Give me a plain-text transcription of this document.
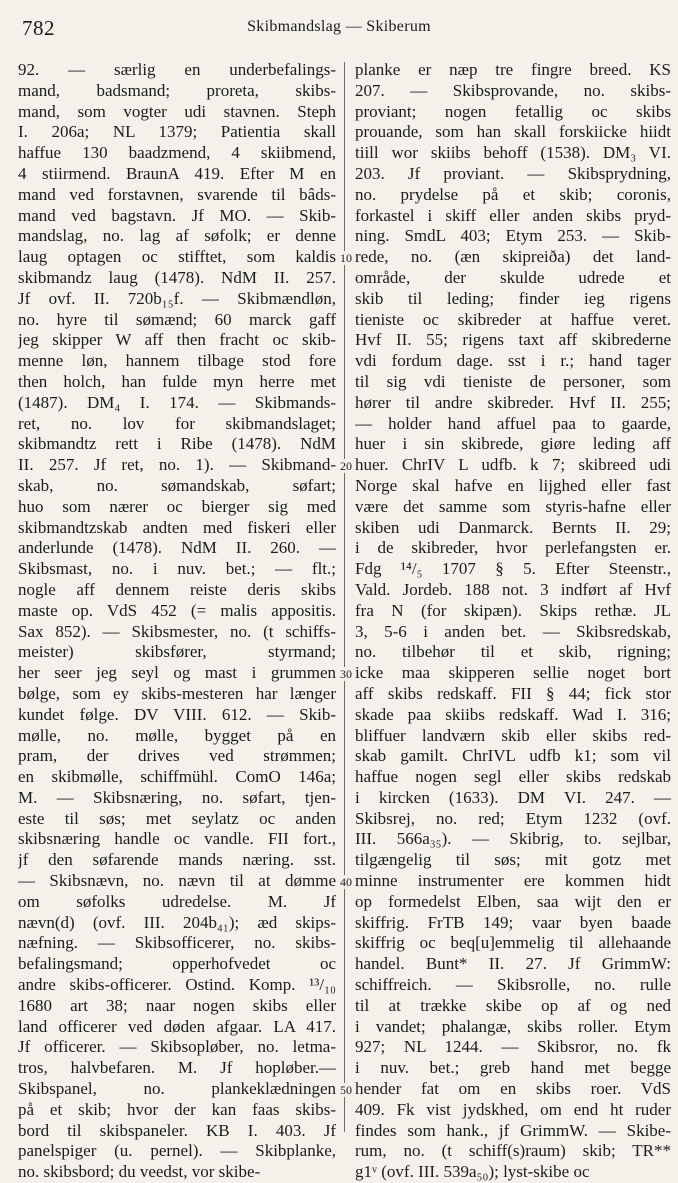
782	Skibmandslag — Skiberum
92. — særlig en underbefalings-
mand, badsmand; proreta, skibs-
mand, som vogter udi stavnen. Steph
I. 206a; NL 1379; Patientia skall
haffue 130 baadzmend, 4 skiibmend,
4 stiirmend. BraunA 419. Efter M en
mand ved forstavnen, svarende til bâds-
mand ved bagstavn. Jf MO. — Skib-
mandslag, no. lag af søfolk; er denne
laug optagen oc stifftet, som kaldis
skibmandz laug (1478). NdM II. 257.
Jf ovf. II. 720b₁₅f. — Skibmændløn,
no. hyre til sømænd; 60 marck gaff
jeg skipper W aff then fracht oc skib-
menne løn, hannem tilbage stod fore
then holch, han fulde myn herre met
(1487). DM₄ I. 174. — Skibmands-
ret, no. lov for skibmandslaget;
skibmandtz rett i Ribe (1478). NdM
II. 257. Jf ret, no. 1). — Skibmand-
skab, no. sømandskab, søfart;
huo som nærer oc bierger sig med
skibmandtzskab andten med fiskeri eller
anderlunde (1478). NdM II. 260. —
Skibsmast, no. i nuv. bet.; — flt.;
nogle aff dennem reiste deris skibs
maste op. VdS 452 (= malis appositis.
Sax 852). — Skibsmester, no. (t schiffs-
meister) skibsfører, styrmand;
her seer jeg seyl og mast i grummen
bølge, som ey skibs-mesteren har længer
kundet følge. DV VIII. 612. — Skib-
mølle, no. mølle, bygget på en
pram, der drives ved strømmen;
en skibmølle, schiffmühl. ComO 146a;
M. — Skibsnæring, no. søfart, tjen-
este til søs; met seylatz oc anden
skibsnæring handle oc vandle. FII fort.,
jf den søfarende mands næring. sst.
— Skibsnævn, no. nævn til at dømme
om søfolks udredelse. M. Jf
nævn(d) (ovf. III. 204b₄₁); æd skips-
næfning. — Skibsofficerer, no. skibs-
befalingsmand; opperhofvedet oc
andre skibs-officerer. Ostind. Komp. ¹³/₁₀
1680 art 38; naar nogen skibs eller
land officerer ved døden afgaar. LA 417.
Jf officerer. — Skibsopløber, no. letma-
tros, halvbefaren. M. Jf hopløber.—
Skibspanel, no. plankeklædningen
på et skib; hvor der kan faas skibs-
bord til skibspaneler. KB I. 403. Jf
panelspiger (u. pernel). — Skibplanke,
no. skibsbord; du veedst, vor skibe-
planke er næp tre fingre breed. KS
207. — Skibsprovande, no. skibs-
proviant; nogen fetallig oc skibs
prouande, som han skall forskiicke hiidt
tiill wor skiibs behoff (1538). DM₃ VI.
203. Jf proviant. — Skibsprydning,
no. prydelse på et skib; coronis,
forkastel i skiff eller anden skibs pryd-
ning. SmdL 403; Etym 253. — Skib-
rede, no. (æn skipreiða) det land-
område, der skulde udrede et
skib til leding; finder ieg rigens
tieniste oc skibreder at haffue veret.
Hvf II. 55; rigens taxt aff skibrederne
vdi fordum dage. sst i r.; hand tager
til sig vdi tieniste de personer, som
hører til andre skibreder. Hvf II. 255;
— holder hand affuel paa to gaarde,
huer i sin skibrede, giøre leding aff
huer. ChrIV L udfb. k 7; skibreed udi
Norge skal hafve en lijghed eller fast
være det samme som styris-hafne eller
skiben udi Danmarck. Bernts II. 29;
i de skibreder, hvor perlefangsten er.
Fdg ¹⁴/₅ 1707 § 5. Efter Steenstr.,
Vald. Jordeb. 188 not. 3 indført af Hvf
fra N (for skipæn). Skips rethæ. JL
3, 5-6 i anden bet. — Skibsredskab,
no. tilbehør til et skib, rigning;
icke maa skipperen sellie noget bort
aff skibs redskaff. FII § 44; fick stor
skade paa skiibs redskaff. Wad I. 316;
bliffuer landværn skib eller skibs red-
skab gamilt. ChrIVL udfb k1; som vil
haffue nogen segl eller skibs redskab
i kircken (1633). DM VI. 247. —
Skibsrej, no. red; Etym 1232 (ovf.
III. 566a₃₅). — Skibrig, to. sejlbar,
tilgængelig til søs; mit gotz met
minne instrumenter ere kommen hidt
op formedelst Elben, saa wijt den er
skiffrig. FrTB 149; vaar byen baade
skiffrig oc beq[u]emmelig til allehaande
handel. Bunt* II. 27. Jf GrimmW:
schiffreich. — Skibsrolle, no. rulle
til at trække skibe op af og ned
i vandet; phalangæ, skibs roller. Etym
927; NL 1244. — Skibsror, no. fk
i nuv. bet.; greb hand met begge
hender fat om en skibs roer. VdS
409. Fk vist jydskhed, om end ht ruder
findes som hank., jf GrimmW. — Skibe-
rum, no. (t schiff(s)raum) skib; TR**
g1ᵛ (ovf. III. 539a₅₀); lyst-skibe oc
10
20
30
40
50
